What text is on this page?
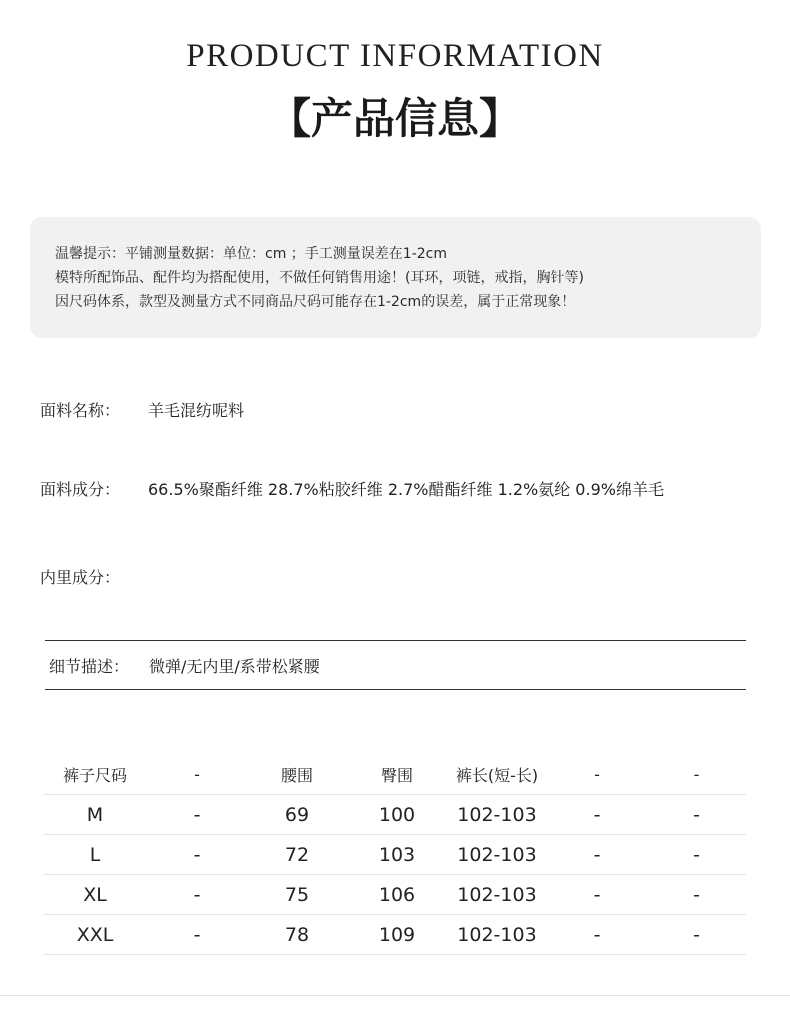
PRODUCT INFORMATION
【产品信息】
温馨提示：平铺测量数据：单位：cm ；手工测量误差在1-2cm
模特所配饰品、配件均为搭配使用，不做任何销售用途！(耳环，项链，戒指，胸针等)
因尺码体系，款型及测量方式不同商品尺码可能存在1-2cm的误差，属于正常现象！
面料名称： 羊毛混纺呢料
面料成分： 66.5%聚酯纤维 28.7%粘胶纤维 2.7%醋酯纤维 1.2%氨纶 0.9%绵羊毛
内里成分：
细节描述： 微弹/无内里/系带松紧腰
裤子尺码	-	腰围	臀围	裤长(短-长)	-	-
M	-	69	100	102-103	-	-
L	-	72	103	102-103	-	-
XL	-	75	106	102-103	-	-
XXL	-	78	109	102-103	-	-
